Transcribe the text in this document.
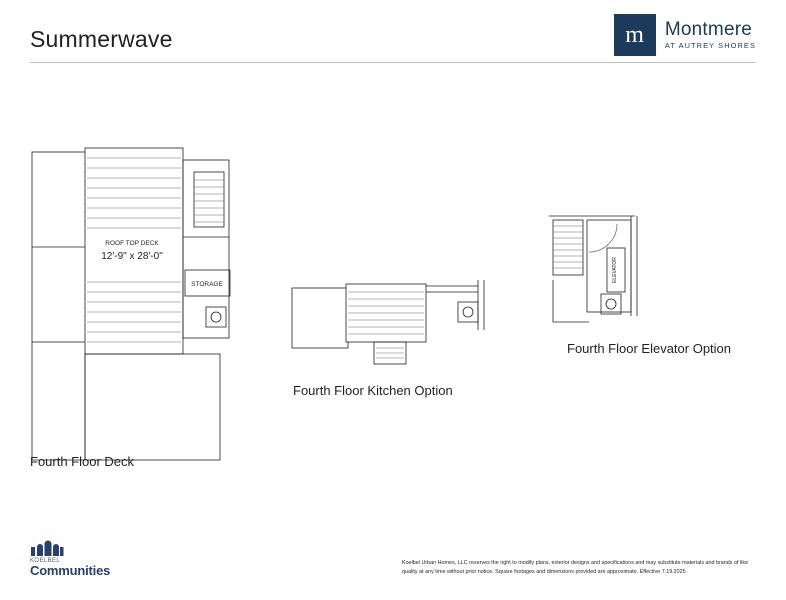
Summerwave	m	Montmere
AT AUTREY SHORES
ROOF TOP DECK
12'-9" x 28'-0"
STORAGE
Fourth Floor Deck
Fourth Floor Kitchen Option
ELEVATOR
Fourth Floor Elevator Option
KOELBEL
Communities	Koelbel Urban Homes, LLC reserves the right to modify plans, exterior designs and specifications and may substitute materials and brands of like quality at any time without prior notice. Square footages and dimensions provided are approximate. Effective 7.19.2025
